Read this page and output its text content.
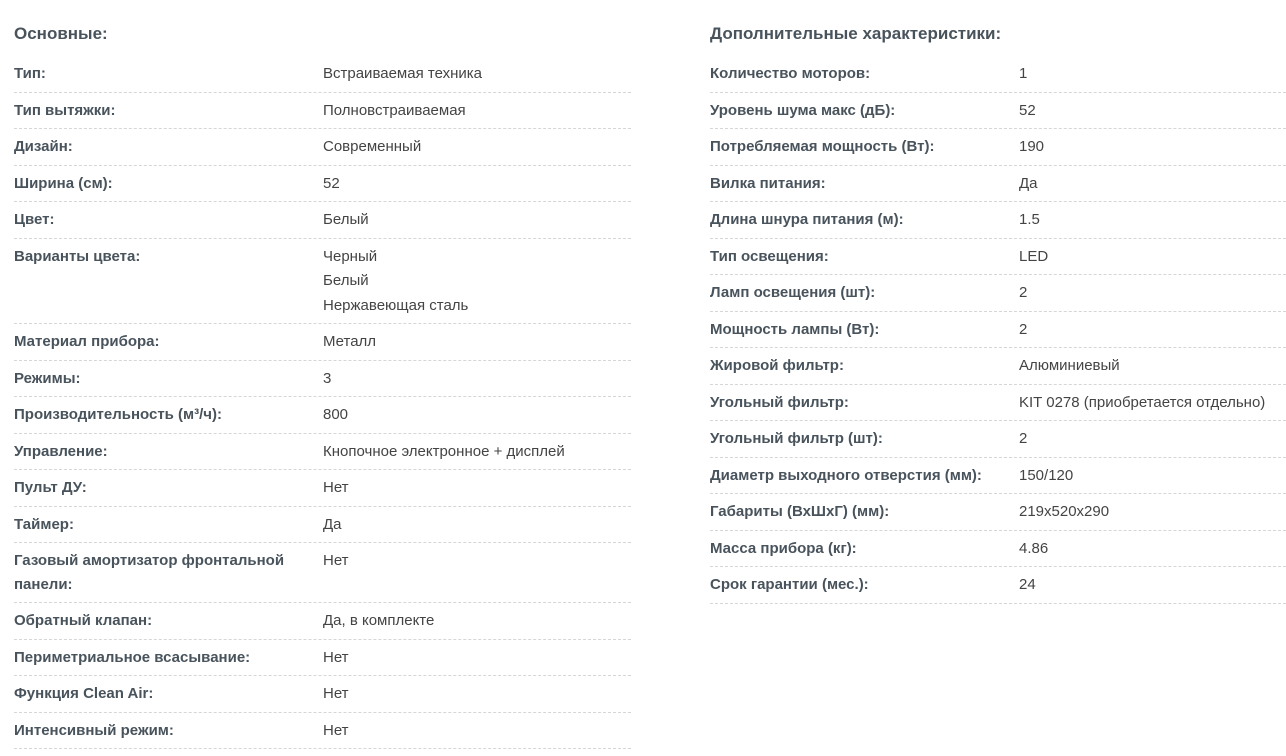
Основные:
Тип:	Встраиваемая техника
Тип вытяжки:	Полновстраиваемая
Дизайн:	Современный
Ширина (см):	52
Цвет:	Белый
Варианты цвета:	Черный
Белый
Нержавеющая сталь
Материал прибора:	Металл
Режимы:	3
Производительность (м³/ч):	800
Управление:	Кнопочное электронное + дисплей
Пульт ДУ:	Нет
Таймер:	Да
Газовый амортизатор фронтальной панели:
Нет
Обратный клапан:	Да, в комплекте
Периметриальное всасывание:	Нет
Функция Clean Air:	Нет
Интенсивный режим:	Нет
Дополнительные характеристики:
Количество моторов:	1
Уровень шума макс (дБ):	52
Потребляемая мощность (Вт):	190
Вилка питания:	Да
Длина шнура питания (м):	1.5
Тип освещения:	LED
Ламп освещения (шт):	2
Мощность лампы (Вт):	2
Жировой фильтр:	Алюминиевый
Угольный фильтр:	KIT 0278 (приобретается отдельно)
Угольный фильтр (шт):	2
Диаметр выходного отверстия (мм):	150/120
Габариты (ВхШхГ) (мм):	219x520x290
Масса прибора (кг):	4.86
Срок гарантии (мес.):	24
